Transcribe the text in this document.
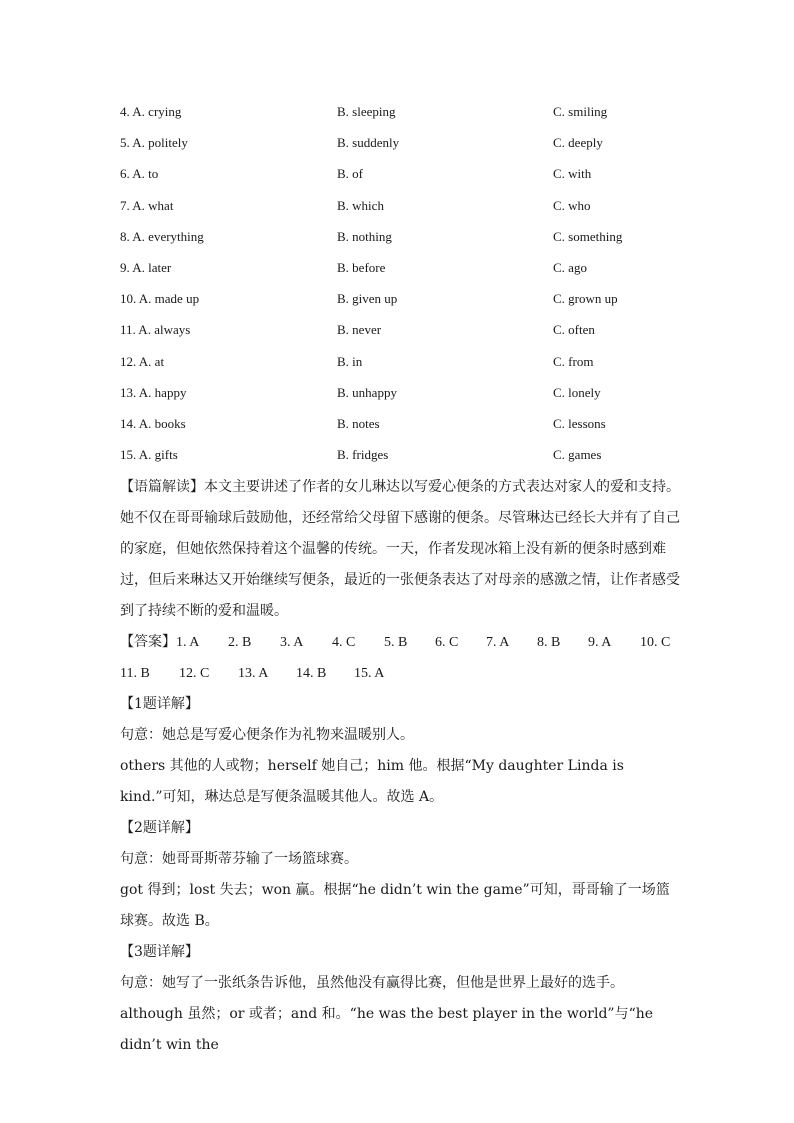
4. A. crying	B. sleeping	C. smiling
5. A. politely	B. suddenly	C. deeply
6. A. to	B. of	C. with
7. A. what	B. which	C. who
8. A. everything	B. nothing	C. something
9. A. later	B. before	C. ago
10. A. made up	B. given up	C. grown up
11. A. always	B. never	C. often
12. A. at	B. in	C. from
13. A. happy	B. unhappy	C. lonely
14. A. books	B. notes	C. lessons
15. A. gifts	B. fridges	C. games

【语篇解读】本文主要讲述了作者的女儿琳达以写爱心便条的方式表达对家人的爱和支持。她不仅在哥哥输球后鼓励他，还经常给父母留下感谢的便条。尽管琳达已经长大并有了自己的家庭，但她依然保持着这个温馨的传统。一天，作者发现冰箱上没有新的便条时感到难过，但后来琳达又开始继续写便条，最近的一张便条表达了对母亲的感激之情，让作者感受到了持续不断的爱和温暖。

【答案】1. A 2. B 3. A 4. C 5. B 6. C 7. A 8. B 9. A 10. C
11. B 12. C 13. A 14. B 15. A

【1题详解】

句意：她总是写爱心便条作为礼物来温暖别人。

others 其他的人或物；herself 她自己；him 他。根据“My daughter Linda is kind.”可知，琳达总是写便条温暖其他人。故选 A。

【2题详解】

句意：她哥哥斯蒂芬输了一场篮球赛。

got 得到；lost 失去；won 赢。根据“he didn’t win the game”可知，哥哥输了一场篮球赛。故选 B。

【3题详解】

句意：她写了一张纸条告诉他，虽然他没有赢得比赛，但他是世界上最好的选手。

although 虽然；or 或者；and 和。“he was the best player in the world”与“he didn’t win the
